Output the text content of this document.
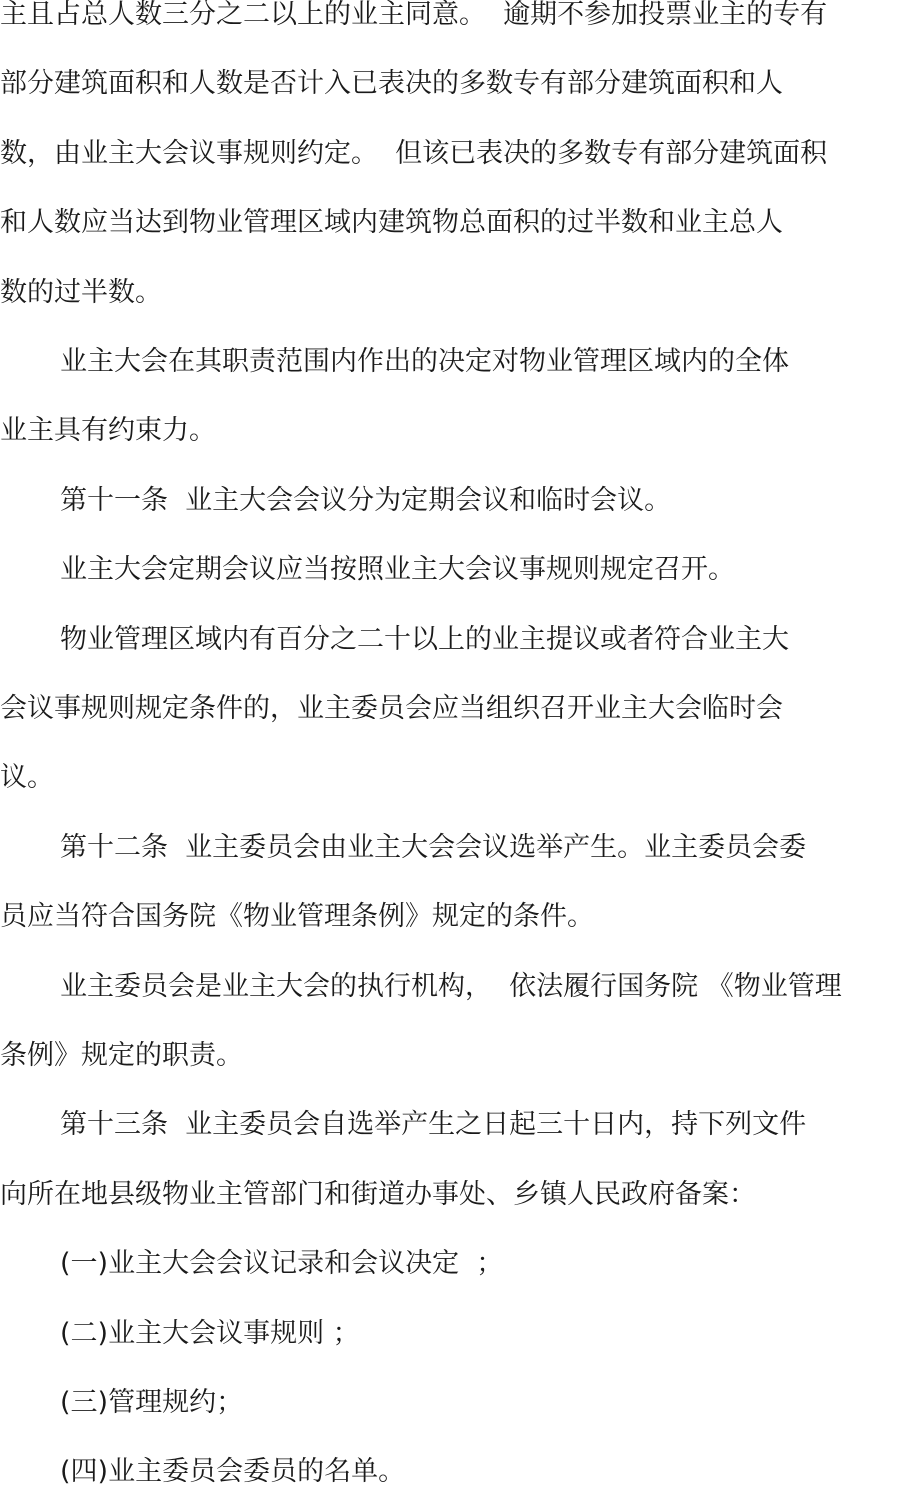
主且占总人数三分之二以上的业主同意。  逾期不参加投票业主的专有
部分建筑面积和人数是否计入已表决的多数专有部分建筑面积和人
数，由业主大会议事规则约定。  但该已表决的多数专有部分建筑面积
和人数应当达到物业管理区域内建筑物总面积的过半数和业主总人
数的过半数。
业主大会在其职责范围内作出的决定对物业管理区域内的全体
业主具有约束力。
第十一条  业主大会会议分为定期会议和临时会议。
业主大会定期会议应当按照业主大会议事规则规定召开。
物业管理区域内有百分之二十以上的业主提议或者符合业主大
会议事规则规定条件的，业主委员会应当组织召开业主大会临时会
议。
第十二条  业主委员会由业主大会会议选举产生。业主委员会委
员应当符合国务院《物业管理条例》规定的条件。
业主委员会是业主大会的执行机构，  依法履行国务院 《物业管理
条例》规定的职责。
第十三条  业主委员会自选举产生之日起三十日内，持下列文件
向所在地县级物业主管部门和街道办事处、乡镇人民政府备案：
(一)业主大会会议记录和会议决定  ；
(二)业主大会议事规则 ；
(三)管理规约；
(四)业主委员会委员的名单。
